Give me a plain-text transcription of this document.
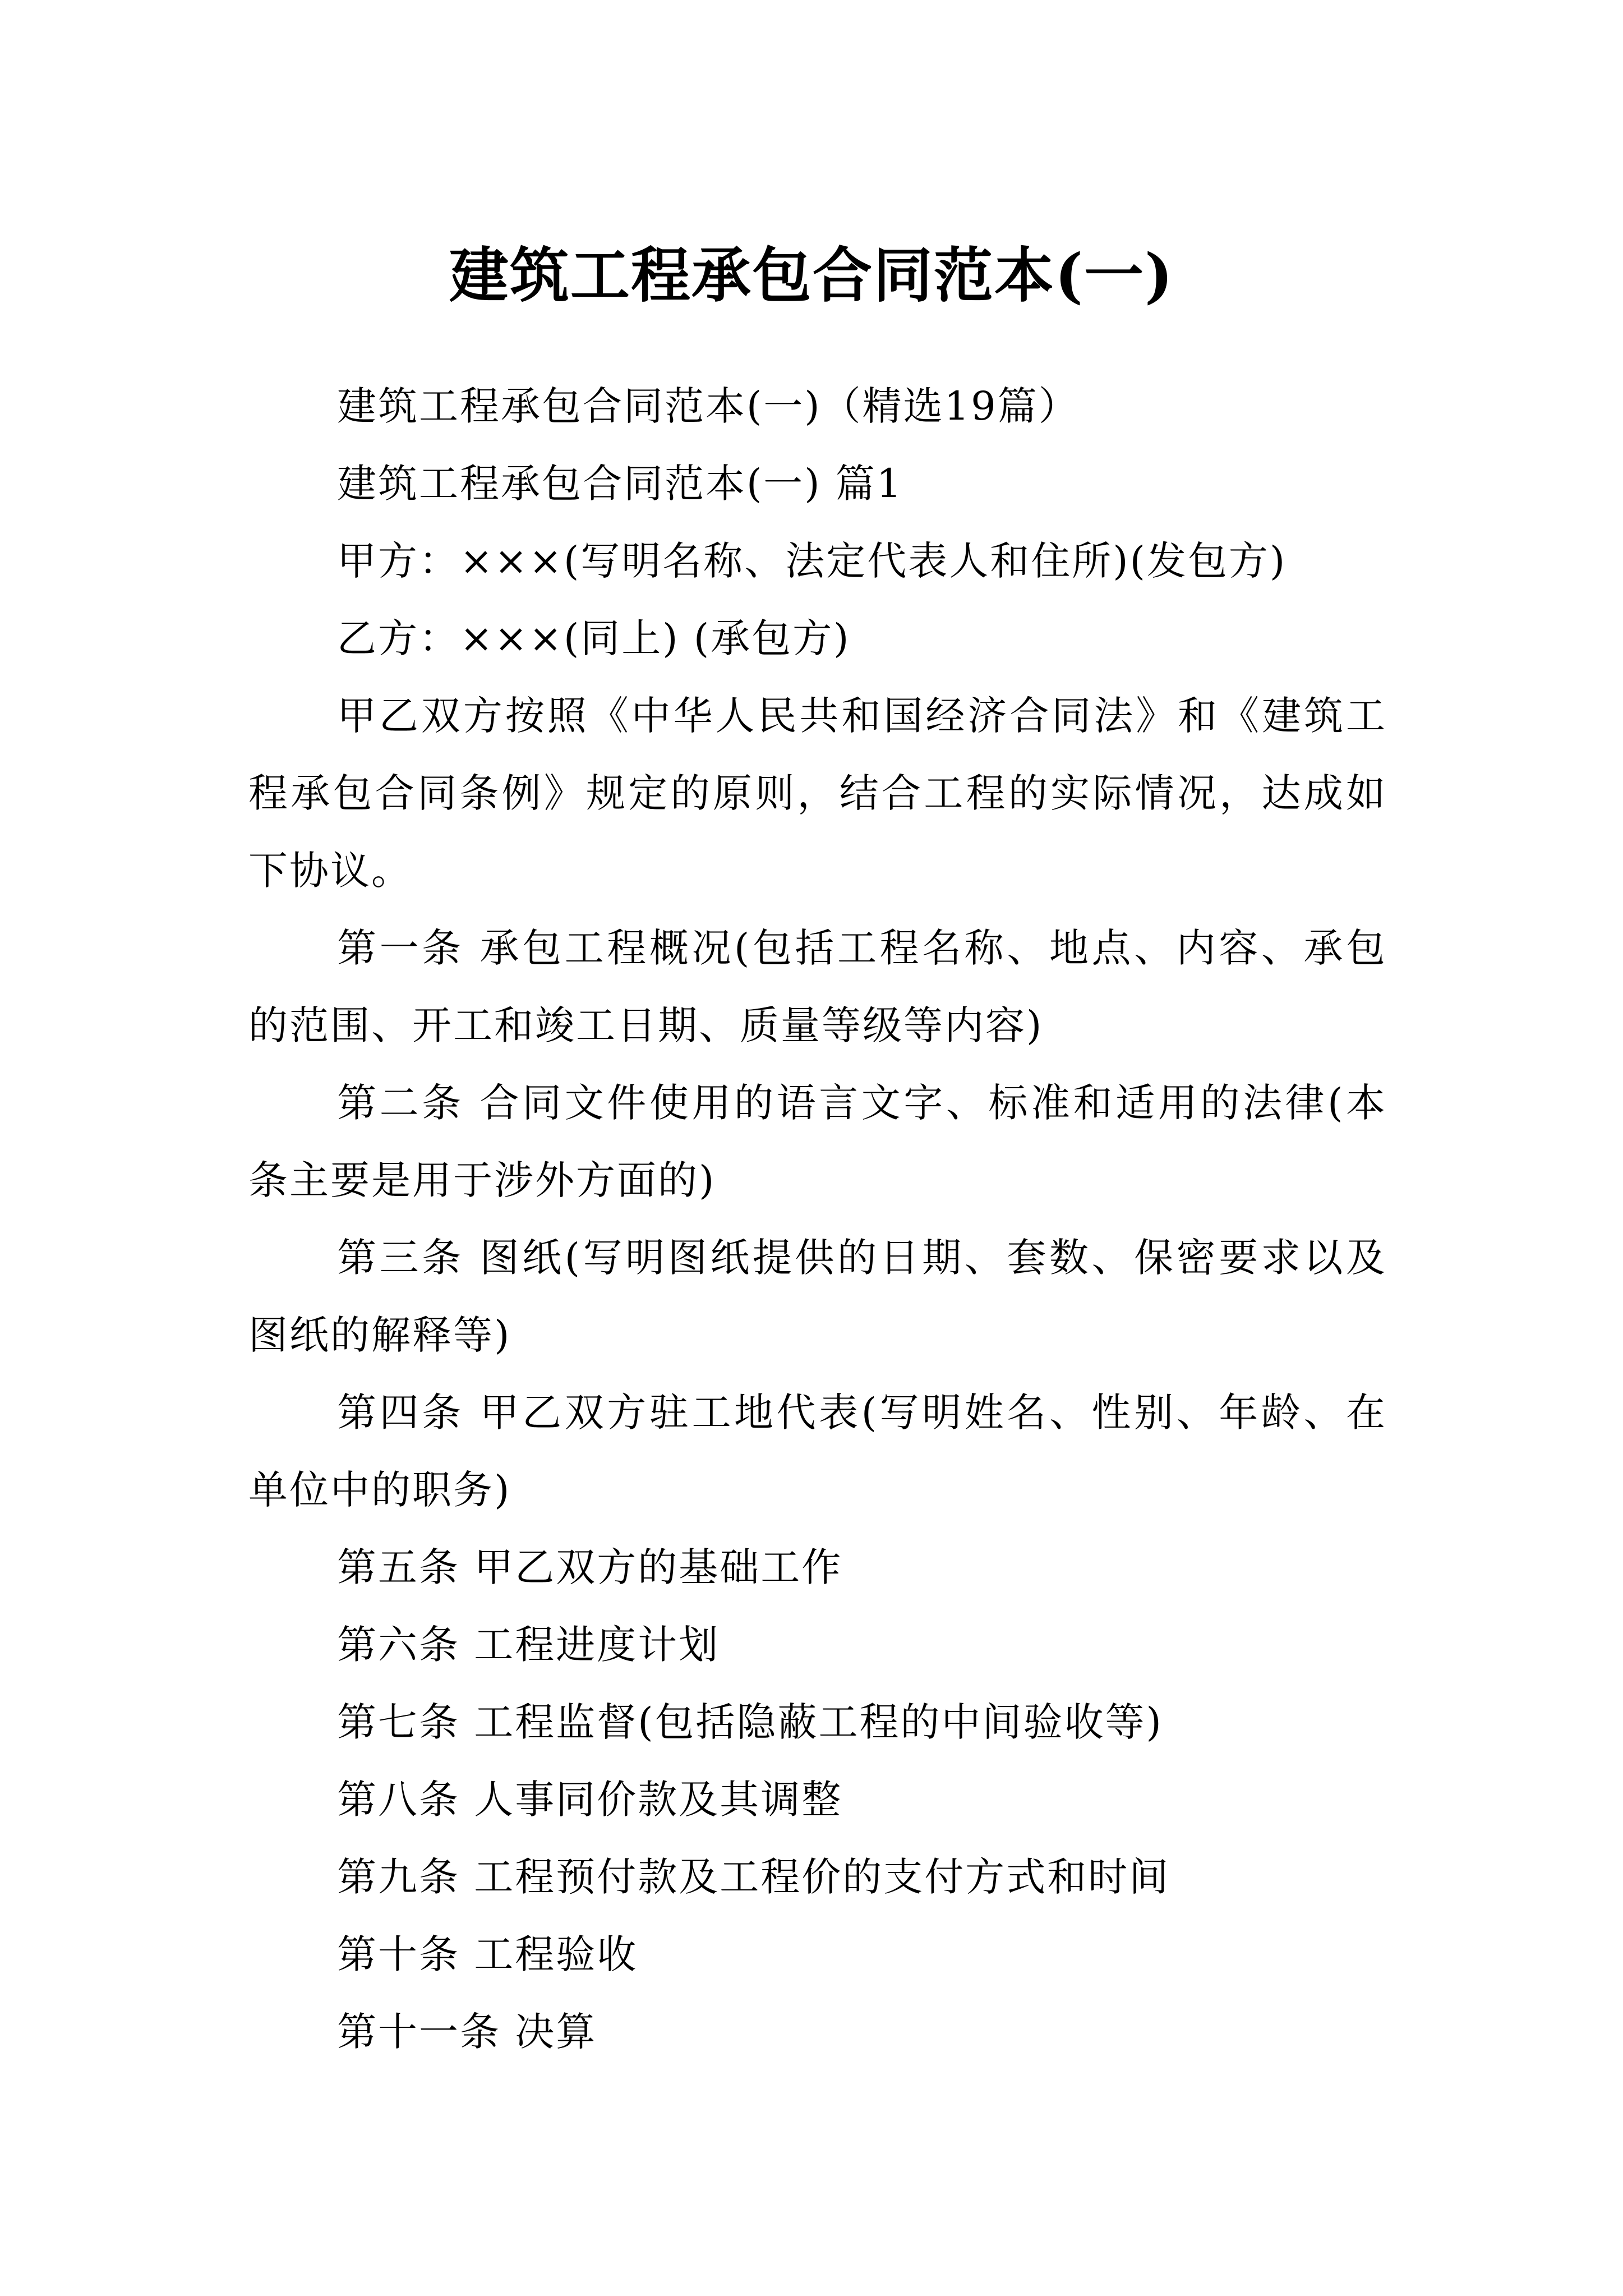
建筑工程承包合同范本(一)

建筑工程承包合同范本(一)（精选19篇）

建筑工程承包合同范本(一) 篇1

甲方：×××(写明名称、法定代表人和住所)(发包方)

乙方：×××(同上) (承包方)

甲乙双方按照《中华人民共和国经济合同法》和《建筑工程承包合同条例》规定的原则，结合工程的实际情况，达成如下协议。

第一条 承包工程概况(包括工程名称、地点、内容、承包的范围、开工和竣工日期、质量等级等内容)

第二条 合同文件使用的语言文字、标准和适用的法律(本条主要是用于涉外方面的)

第三条 图纸(写明图纸提供的日期、套数、保密要求以及图纸的解释等)

第四条 甲乙双方驻工地代表(写明姓名、性别、年龄、在单位中的职务)

第五条 甲乙双方的基础工作

第六条 工程进度计划

第七条 工程监督(包括隐蔽工程的中间验收等)

第八条 人事同价款及其调整

第九条 工程预付款及工程价的支付方式和时间

第十条 工程验收

第十一条 决算
